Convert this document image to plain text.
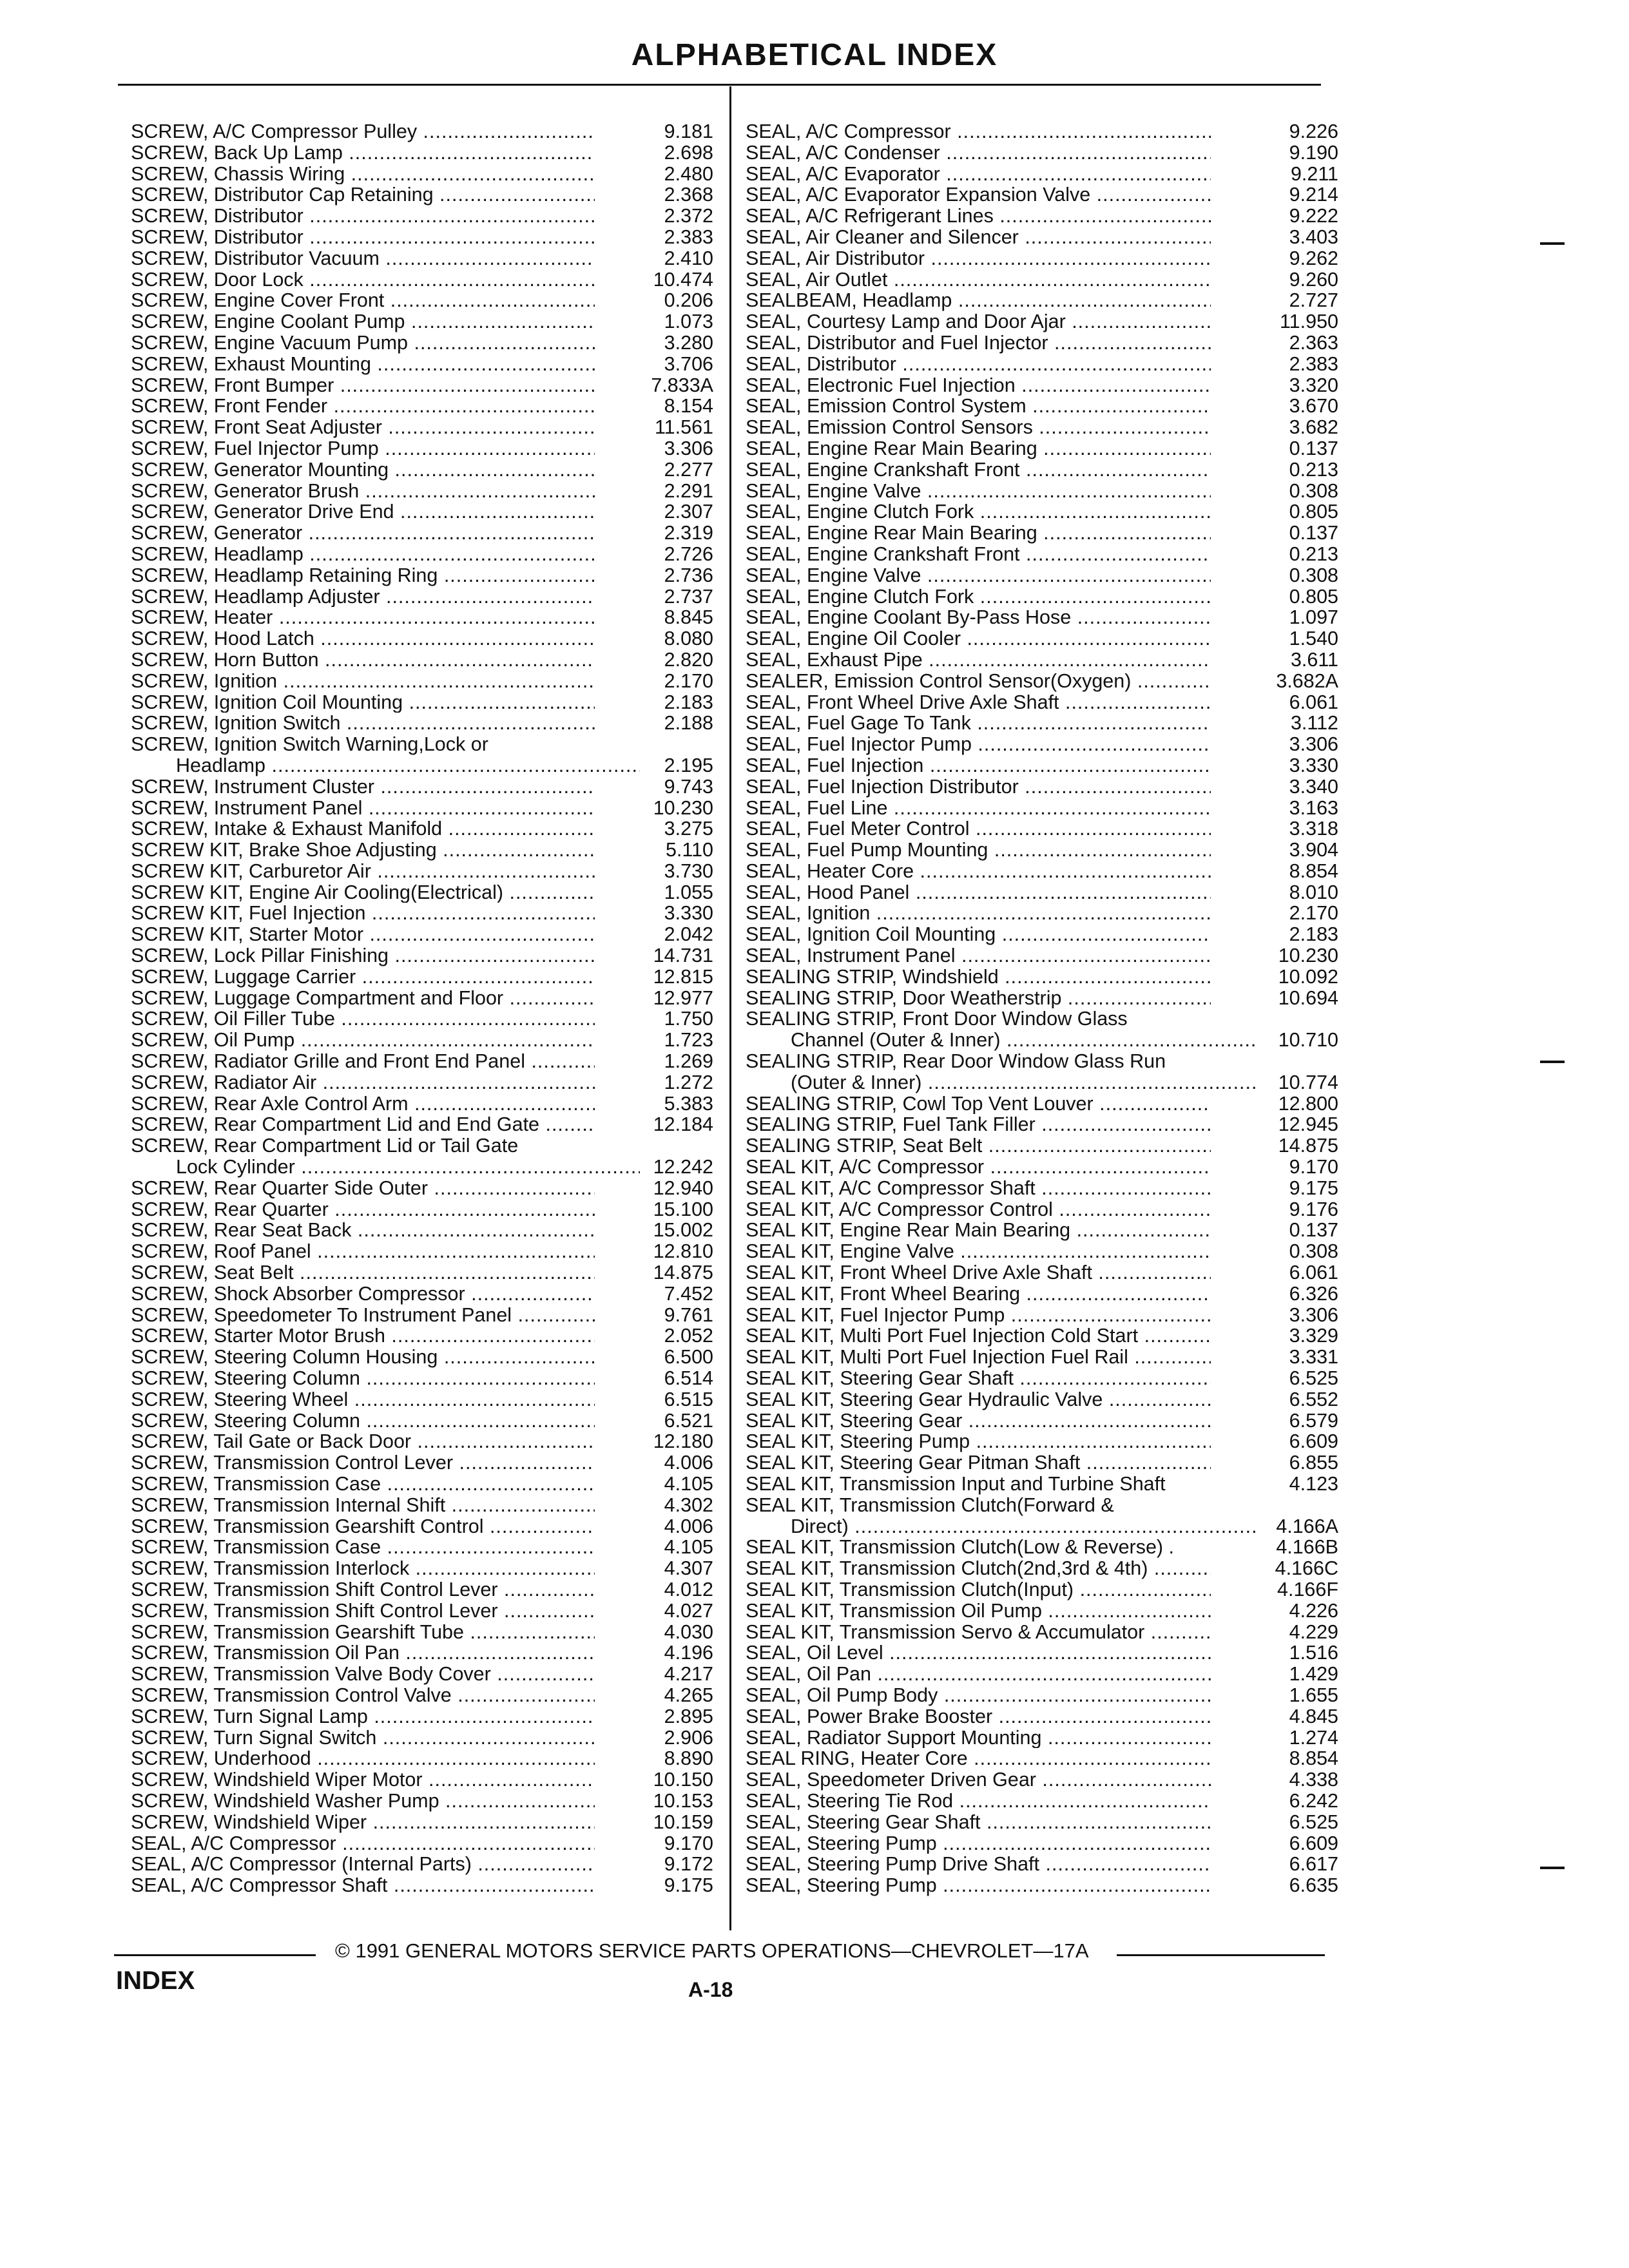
ALPHABETICAL INDEX
SCREW, A/C Compressor Pulley .....	9.181
SCREW, Back Up Lamp .....	2.698
SCREW, Chassis Wiring .....	2.480
SCREW, Distributor Cap Retaining .....	2.368
SCREW, Distributor .....	2.372
SCREW, Distributor .....	2.383
SCREW, Distributor Vacuum .....	2.410
SCREW, Door Lock .....	10.474
SCREW, Engine Cover Front .....	0.206
SCREW, Engine Coolant Pump .....	1.073
SCREW, Engine Vacuum Pump .....	3.280
SCREW, Exhaust Mounting .....	3.706
SCREW, Front Bumper .....	7.833A
SCREW, Front Fender .....	8.154
SCREW, Front Seat Adjuster .....	11.561
SCREW, Fuel Injector Pump .....	3.306
SCREW, Generator Mounting .....	2.277
SCREW, Generator Brush .....	2.291
SCREW, Generator Drive End .....	2.307
SCREW, Generator .....	2.319
SCREW, Headlamp .....	2.726
SCREW, Headlamp Retaining Ring .....	2.736
SCREW, Headlamp Adjuster .....	2.737
SCREW, Heater .....	8.845
SCREW, Hood Latch .....	8.080
SCREW, Horn Button .....	2.820
SCREW, Ignition .....	2.170
SCREW, Ignition Coil Mounting .....	2.183
SCREW, Ignition Switch .....	2.188
SCREW, Ignition Switch Warning,Lock or
Headlamp .....	2.195
SCREW, Instrument Cluster .....	9.743
SCREW, Instrument Panel .....	10.230
SCREW, Intake & Exhaust Manifold .....	3.275
SCREW KIT, Brake Shoe Adjusting .....	5.110
SCREW KIT, Carburetor Air .....	3.730
SCREW KIT, Engine Air Cooling(Electrical) .....	1.055
SCREW KIT, Fuel Injection .....	3.330
SCREW KIT, Starter Motor .....	2.042
SCREW, Lock Pillar Finishing .....	14.731
SCREW, Luggage Carrier .....	12.815
SCREW, Luggage Compartment and Floor .....	12.977
SCREW, Oil Filler Tube .....	1.750
SCREW, Oil Pump .....	1.723
SCREW, Radiator Grille and Front End Panel .....	1.269
SCREW, Radiator Air .....	1.272
SCREW, Rear Axle Control Arm .....	5.383
SCREW, Rear Compartment Lid and End Gate .....	12.184
SCREW, Rear Compartment Lid or Tail Gate
Lock Cylinder .....	12.242
SCREW, Rear Quarter Side Outer .....	12.940
SCREW, Rear Quarter .....	15.100
SCREW, Rear Seat Back .....	15.002
SCREW, Roof Panel .....	12.810
SCREW, Seat Belt .....	14.875
SCREW, Shock Absorber Compressor .....	7.452
SCREW, Speedometer To Instrument Panel .....	9.761
SCREW, Starter Motor Brush .....	2.052
SCREW, Steering Column Housing .....	6.500
SCREW, Steering Column .....	6.514
SCREW, Steering Wheel .....	6.515
SCREW, Steering Column .....	6.521
SCREW, Tail Gate or Back Door .....	12.180
SCREW, Transmission Control Lever .....	4.006
SCREW, Transmission Case .....	4.105
SCREW, Transmission Internal Shift .....	4.302
SCREW, Transmission Gearshift Control .....	4.006
SCREW, Transmission Case .....	4.105
SCREW, Transmission Interlock .....	4.307
SCREW, Transmission Shift Control Lever .....	4.012
SCREW, Transmission Shift Control Lever .....	4.027
SCREW, Transmission Gearshift Tube .....	4.030
SCREW, Transmission Oil Pan .....	4.196
SCREW, Transmission Valve Body Cover .....	4.217
SCREW, Transmission Control Valve .....	4.265
SCREW, Turn Signal Lamp .....	2.895
SCREW, Turn Signal Switch .....	2.906
SCREW, Underhood .....	8.890
SCREW, Windshield Wiper Motor .....	10.150
SCREW, Windshield Washer Pump .....	10.153
SCREW, Windshield Wiper .....	10.159
SEAL, A/C Compressor .....	9.170
SEAL, A/C Compressor (Internal Parts) .....	9.172
SEAL, A/C Compressor Shaft .....	9.175
SEAL, A/C Compressor .....	9.226
SEAL, A/C Condenser .....	9.190
SEAL, A/C Evaporator .....	9.211
SEAL, A/C Evaporator Expansion Valve .....	9.214
SEAL, A/C Refrigerant Lines .....	9.222
SEAL, Air Cleaner and Silencer .....	3.403
SEAL, Air Distributor .....	9.262
SEAL, Air Outlet .....	9.260
SEALBEAM, Headlamp .....	2.727
SEAL, Courtesy Lamp and Door Ajar .....	11.950
SEAL, Distributor and Fuel Injector .....	2.363
SEAL, Distributor .....	2.383
SEAL, Electronic Fuel Injection .....	3.320
SEAL, Emission Control System .....	3.670
SEAL, Emission Control Sensors .....	3.682
SEAL, Engine Rear Main Bearing .....	0.137
SEAL, Engine Crankshaft Front .....	0.213
SEAL, Engine Valve .....	0.308
SEAL, Engine Clutch Fork .....	0.805
SEAL, Engine Rear Main Bearing .....	0.137
SEAL, Engine Crankshaft Front .....	0.213
SEAL, Engine Valve .....	0.308
SEAL, Engine Clutch Fork .....	0.805
SEAL, Engine Coolant By-Pass Hose .....	1.097
SEAL, Engine Oil Cooler .....	1.540
SEAL, Exhaust Pipe .....	3.611
SEALER, Emission Control Sensor(Oxygen) .....	3.682A
SEAL, Front Wheel Drive Axle Shaft .....	6.061
SEAL, Fuel Gage To Tank .....	3.112
SEAL, Fuel Injector Pump .....	3.306
SEAL, Fuel Injection .....	3.330
SEAL, Fuel Injection Distributor .....	3.340
SEAL, Fuel Line .....	3.163
SEAL, Fuel Meter Control .....	3.318
SEAL, Fuel Pump Mounting .....	3.904
SEAL, Heater Core .....	8.854
SEAL, Hood Panel .....	8.010
SEAL, Ignition .....	2.170
SEAL, Ignition Coil Mounting .....	2.183
SEAL, Instrument Panel .....	10.230
SEALING STRIP, Windshield .....	10.092
SEALING STRIP, Door Weatherstrip .....	10.694
SEALING STRIP, Front Door Window Glass
Channel (Outer & Inner) .....	10.710
SEALING STRIP, Rear Door Window Glass Run
(Outer & Inner) .....	10.774
SEALING STRIP, Cowl Top Vent Louver .....	12.800
SEALING STRIP, Fuel Tank Filler .....	12.945
SEALING STRIP, Seat Belt .....	14.875
SEAL KIT, A/C Compressor .....	9.170
SEAL KIT, A/C Compressor Shaft .....	9.175
SEAL KIT, A/C Compressor Control .....	9.176
SEAL KIT, Engine Rear Main Bearing .....	0.137
SEAL KIT, Engine Valve .....	0.308
SEAL KIT, Front Wheel Drive Axle Shaft .....	6.061
SEAL KIT, Front Wheel Bearing .....	6.326
SEAL KIT, Fuel Injector Pump .....	3.306
SEAL KIT, Multi Port Fuel Injection Cold Start .....	3.329
SEAL KIT, Multi Port Fuel Injection Fuel Rail .....	3.331
SEAL KIT, Steering Gear Shaft .....	6.525
SEAL KIT, Steering Gear Hydraulic Valve .....	6.552
SEAL KIT, Steering Gear .....	6.579
SEAL KIT, Steering Pump .....	6.609
SEAL KIT, Steering Gear Pitman Shaft .....	6.855
SEAL KIT, Transmission Input and Turbine Shaft	4.123
SEAL KIT, Transmission Clutch(Forward &
Direct) .....	4.166A
SEAL KIT, Transmission Clutch(Low & Reverse) .	4.166B
SEAL KIT, Transmission Clutch(2nd,3rd & 4th) .....	4.166C
SEAL KIT, Transmission Clutch(Input) .....	4.166F
SEAL KIT, Transmission Oil Pump .....	4.226
SEAL KIT, Transmission Servo & Accumulator .....	4.229
SEAL, Oil Level .....	1.516
SEAL, Oil Pan .....	1.429
SEAL, Oil Pump Body .....	1.655
SEAL, Power Brake Booster .....	4.845
SEAL, Radiator Support Mounting .....	1.274
SEAL RING, Heater Core .....	8.854
SEAL, Speedometer Driven Gear .....	4.338
SEAL, Steering Tie Rod .....	6.242
SEAL, Steering Gear Shaft .....	6.525
SEAL, Steering Pump .....	6.609
SEAL, Steering Pump Drive Shaft .....	6.617
SEAL, Steering Pump .....	6.635
© 1991 GENERAL MOTORS SERVICE PARTS OPERATIONS—CHEVROLET—17A
INDEX	A-18
